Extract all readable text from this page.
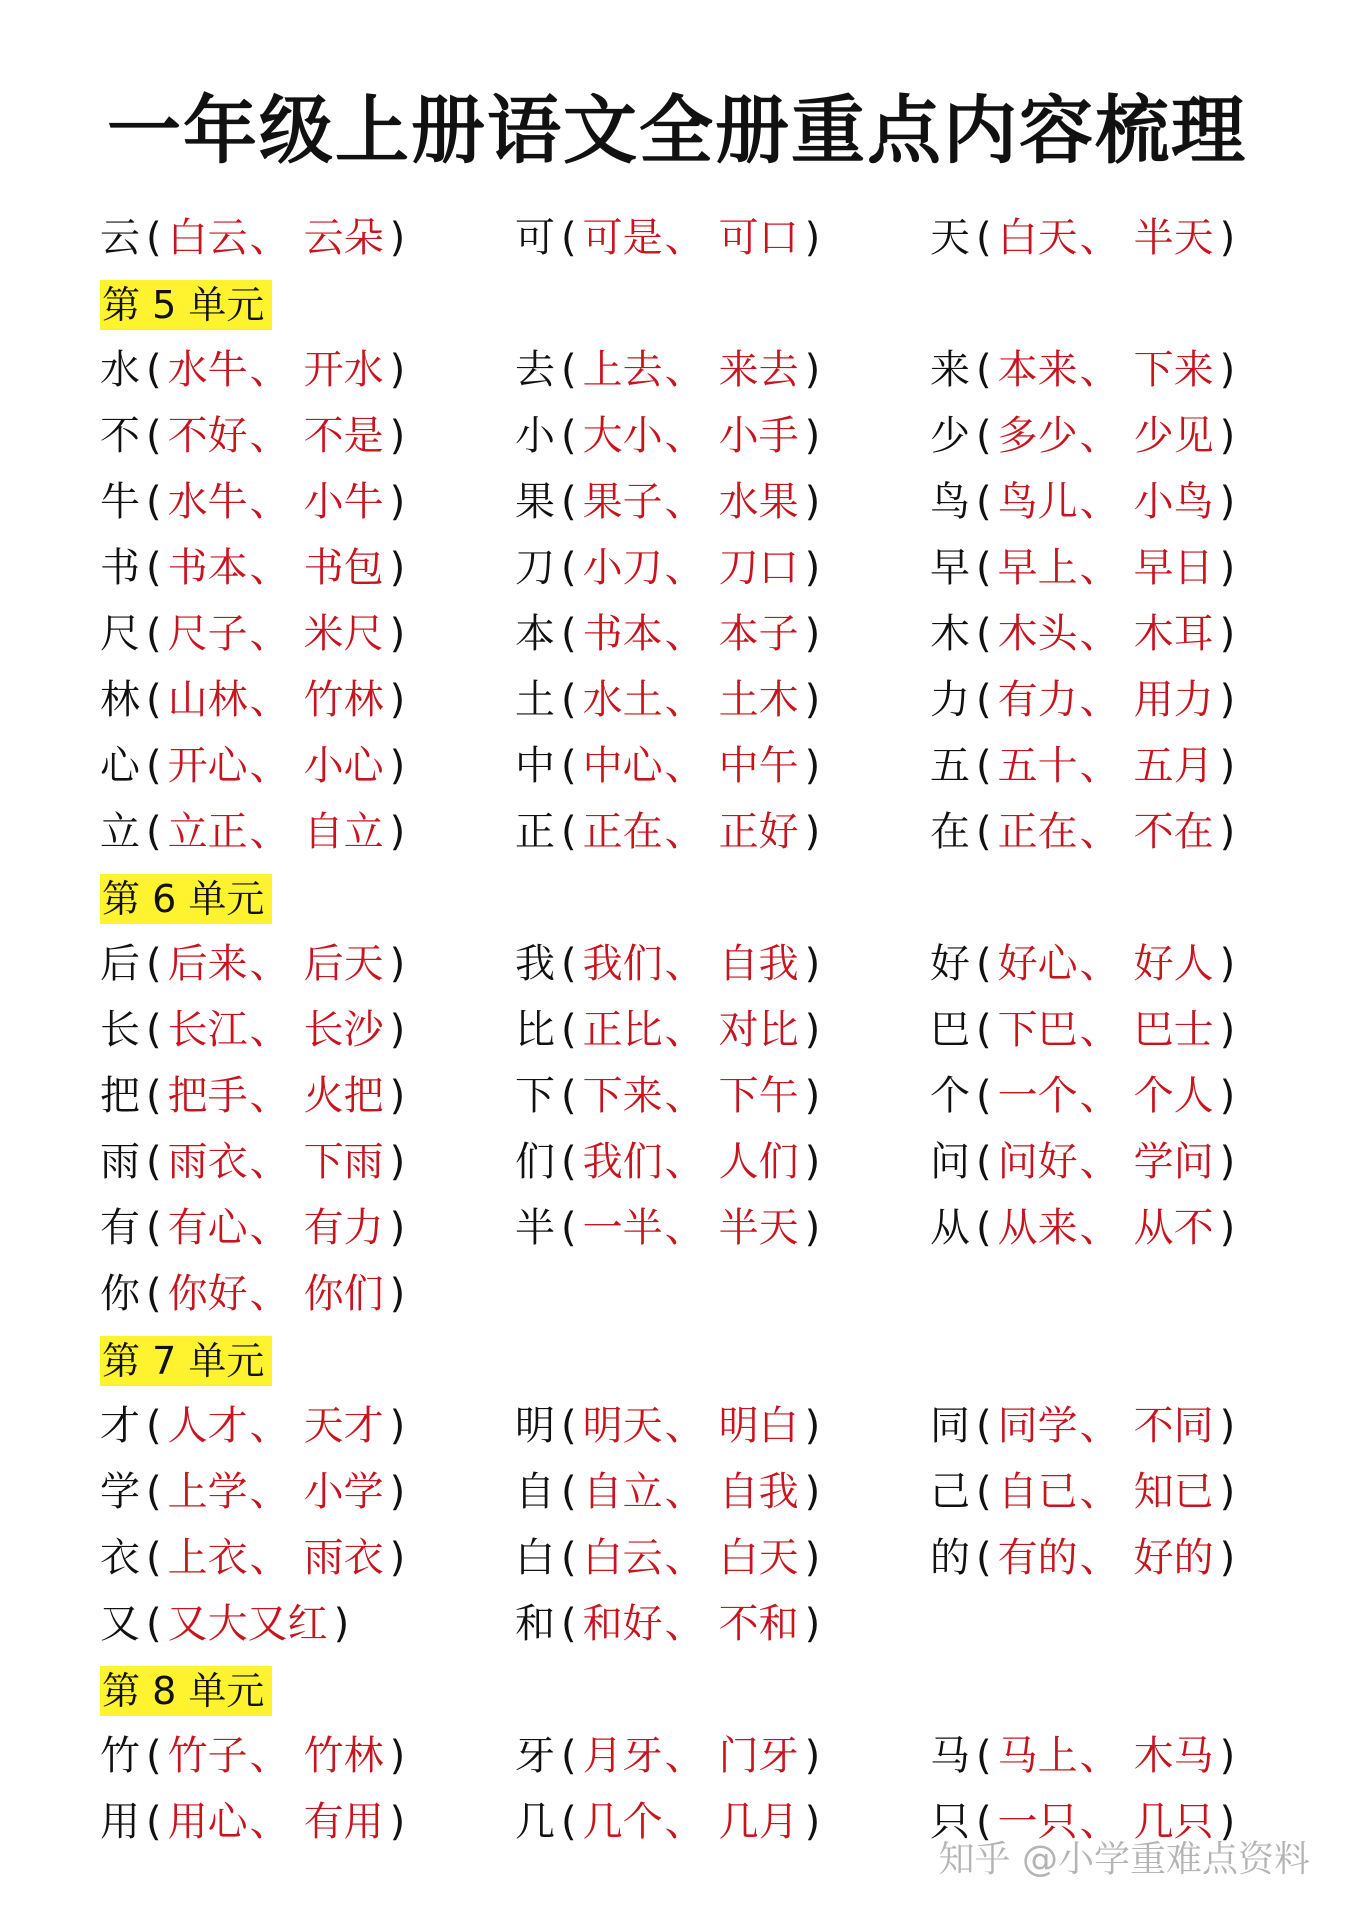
一年级上册语文全册重点内容梳理
云 ( 白云、 云朵 )	可 ( 可是、 可口 )	天 ( 白天、 半天 )
第 5 单元
水 ( 水牛、 开水 )	去 ( 上去、 来去 )	来 ( 本来、 下来 )
不 ( 不好、 不是 )	小 ( 大小、 小手 )	少 ( 多少、 少见 )
牛 ( 水牛、 小牛 )	果 ( 果子、 水果 )	鸟 ( 鸟儿、 小鸟 )
书 ( 书本、 书包 )	刀 ( 小刀、 刀口 )	早 ( 早上、 早日 )
尺 ( 尺子、 米尺 )	本 ( 书本、 本子 )	木 ( 木头、 木耳 )
林 ( 山林、 竹林 )	土 ( 水土、 土木 )	力 ( 有力、 用力 )
心 ( 开心、 小心 )	中 ( 中心、 中午 )	五 ( 五十、 五月 )
立 ( 立正、 自立 )	正 ( 正在、 正好 )	在 ( 正在、 不在 )
第 6 单元
后 ( 后来、 后天 )	我 ( 我们、 自我 )	好 ( 好心、 好人 )
长 ( 长江、 长沙 )	比 ( 正比、 对比 )	巴 ( 下巴、 巴士 )
把 ( 把手、 火把 )	下 ( 下来、 下午 )	个 ( 一个、 个人 )
雨 ( 雨衣、 下雨 )	们 ( 我们、 人们 )	问 ( 问好、 学问 )
有 ( 有心、 有力 )	半 ( 一半、 半天 )	从 ( 从来、 从不 )
你 ( 你好、 你们 )
第 7 单元
才 ( 人才、 天才 )	明 ( 明天、 明白 )	同 ( 同学、 不同 )
学 ( 上学、 小学 )	自 ( 自立、 自我 )	己 ( 自已、 知已 )
衣 ( 上衣、 雨衣 )	白 ( 白云、 白天 )	的 ( 有的、 好的 )
又 ( 又大又红 )	和 ( 和好、 不和 )
第 8 单元
竹 ( 竹子、 竹林 )	牙 ( 月牙、 门牙 )	马 ( 马上、 木马 )
用 ( 用心、 有用 )	几 ( 几个、 几月 )	只 ( 一只、 几只 )
知乎 @小学重难点资料
